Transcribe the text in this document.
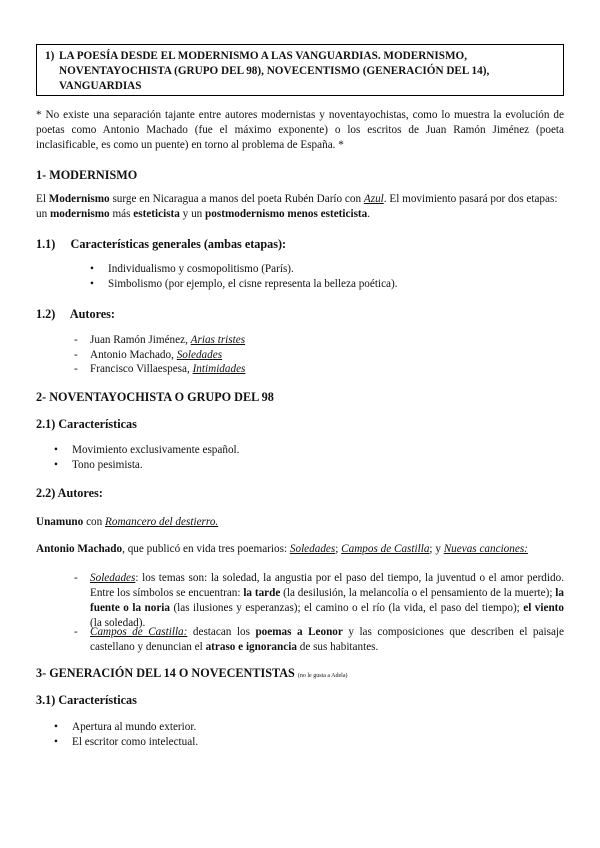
1) LA POESÍA DESDE EL MODERNISMO A LAS VANGUARDIAS. MODERNISMO, NOVENTAYOCHISTA (GRUPO DEL 98), NOVECENTISMO (GENERACIÓN DEL 14), VANGUARDIAS
* No existe una separación tajante entre autores modernistas y noventayochistas, como lo muestra la evolución de poetas como Antonio Machado (fue el máximo exponente) o los escritos de Juan Ramón Jiménez (poeta inclasificable, es como un puente) en torno al problema de España. *
1- MODERNISMO
El Modernismo surge en Nicaragua a manos del poeta Rubén Darío con Azul. El movimiento pasará por dos etapas: un modernismo más esteticista y un postmodernismo menos esteticista.
1.1)     Características generales (ambas etapas):
• Individualismo y cosmopolitismo (París).
• Simbolismo (por ejemplo, el cisne representa la belleza poética).
1.2)     Autores:
- Juan Ramón Jiménez, Arias tristes
- Antonio Machado, Soledades
- Francisco Villaespesa, Intimidades
2- NOVENTAYOCHISTA O GRUPO DEL 98
2.1) Características
• Movimiento exclusivamente español.
• Tono pesimista.
2.2) Autores:
Unamuno con Romancero del destierro.
Antonio Machado, que publicó en vida tres poemarios: Soledades; Campos de Castilla; y Nuevas canciones:
- Soledades: los temas son: la soledad, la angustia por el paso del tiempo, la juventud o el amor perdido. Entre los símbolos se encuentran: la tarde (la desilusión, la melancolía o el pensamiento de la muerte); la fuente o la noria (las ilusiones y esperanzas); el camino o el río (la vida, el paso del tiempo); el viento (la soledad).
- Campos de Castilla: destacan los poemas a Leonor y las composiciones que describen el paisaje castellano y denuncian el atraso e ignorancia de sus habitantes.
3- GENERACIÓN DEL 14 O NOVECENTISTAS (no le gusta a Adela)
3.1) Características
• Apertura al mundo exterior.
• El escritor como intelectual.
